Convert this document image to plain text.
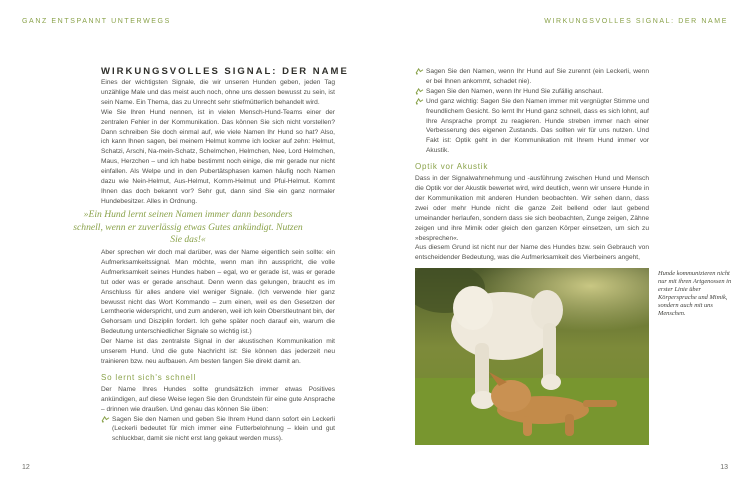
GANZ ENTSPANNT UNTERWEGS
WIRKUNGSVOLLES SIGNAL: DER NAME

Eines der wichtigsten Signale, die wir unseren Hunden geben, jeden Tag unzählige Male und das meist auch noch, ohne uns dessen bewusst zu sein, ist sein Name. Ein Thema, das zu Unrecht sehr stiefmütterlich behandelt wird.

Wie Sie Ihren Hund nennen, ist in vielen Mensch-Hund-Teams einer der zentralen Fehler in der Kommunikation. Das können Sie sich nicht vorstellen? Dann schreiben Sie doch einmal auf, wie viele Namen Ihr Hund so hat? Also, ich kann Ihnen sagen, bei meinem Helmut komme ich locker auf zehn: Helmut, Schatzi, Arschi, Na-mein-Schatz, Schelmchen, Helmchen, Nee, Lord Helmchen, Maus, Herzchen – und ich habe bestimmt noch einige, die mir gerade nur nicht einfallen. Als Welpe und in den Pubertätsphasen kamen häufig noch Namen dazu wie Nein-Helmut, Aus-Helmut, Komm-Helmut und Pfui-Helmut. Kommt Ihnen das doch bekannt vor? Sehr gut, dann sind Sie ein ganz normaler Hundebesitzer. Alles in Ordnung.

»Ein Hund lernt seinen Namen immer dann besonders schnell, wenn er zuverlässig etwas Gutes ankündigt. Nutzen Sie das!«

Aber sprechen wir doch mal darüber, was der Name eigentlich sein sollte: ein Aufmerksamkeitssignal. Man möchte, wenn man ihn ausspricht, die volle Aufmerksamkeit seines Hundes haben – egal, wo er gerade ist, was er gerade tut oder was er gerade anschaut. Denn wenn das gelungen, braucht es im Anschluss für alles andere viel weniger Signale. (Ich verwende hier ganz bewusst nicht das Wort Kommando – zum einen, weil es den Gesetzen der Lerntheorie widerspricht, und zum anderen, weil ich kein Oberstleutnant bin, der Gehorsam und Disziplin fordert. Ich gehe später noch darauf ein, warum die Bedeutung unterschiedlicher Signale so wichtig ist.)

Der Name ist das zentralste Signal in der akustischen Kommunikation mit unserem Hund. Und die gute Nachricht ist: Sie können das jederzeit neu trainieren bzw. neu aufbauen. Am besten fangen Sie direkt damit an.

So lernt sich's schnell

Der Name Ihres Hundes sollte grundsätzlich immer etwas Positives ankündigen, auf diese Weise legen Sie den Grundstein für eine gute Ansprache – drinnen wie draußen. Und genau das können Sie üben:

Sagen Sie den Namen und geben Sie Ihrem Hund dann sofort ein Leckerli (Leckerli bedeutet für mich immer eine Futterbelohnung – klein und gut schluckbar, damit sie nicht erst lang gekaut werden muss).
12
WIRKUNGSVOLLES SIGNAL: DER NAME
Sagen Sie den Namen, wenn Ihr Hund auf Sie zurennt (ein Leckerli, wenn er bei Ihnen ankommt, schadet nie).
Sagen Sie den Namen, wenn Ihr Hund Sie zufällig anschaut.
Und ganz wichtig: Sagen Sie den Namen immer mit vergnügter Stimme und freundlichem Gesicht. So lernt Ihr Hund ganz schnell, dass es sich lohnt, auf Ihre Ansprache prompt zu reagieren. Hunde streben immer nach einer Verbesserung des eigenen Zustands. Das sollten wir für uns nutzen. Und Fakt ist: Optik geht in der Kommunikation mit Ihrem Hund immer vor Akustik.
Optik vor Akustik

Dass in der Signalwahrnehmung und -ausführung zwischen Hund und Mensch die Optik vor der Akustik bewertet wird, wird deutlich, wenn wir unsere Hunde in der Kommunikation mit anderen Hunden beobachten. Wir sehen dann, dass zwei oder mehr Hunde nicht die ganze Zeit bellend oder laut gebend umeinander herlaufen, sondern dass sie sich beobachten, Zunge zeigen, Zähne zeigen und ihre Mimik oder gleich den ganzen Körper einsetzen, um sich zu »besprechen«.

Aus diesem Grund ist nicht nur der Name des Hundes bzw. sein Gebrauch von entscheidender Bedeutung, was die Aufmerksamkeit des Vierbeiners angeht,

Hunde kommunizieren nicht nur mit ihren Artgenossen in erster Linie über Körpersprache und Mimik, sondern auch mit uns Menschen.
13
